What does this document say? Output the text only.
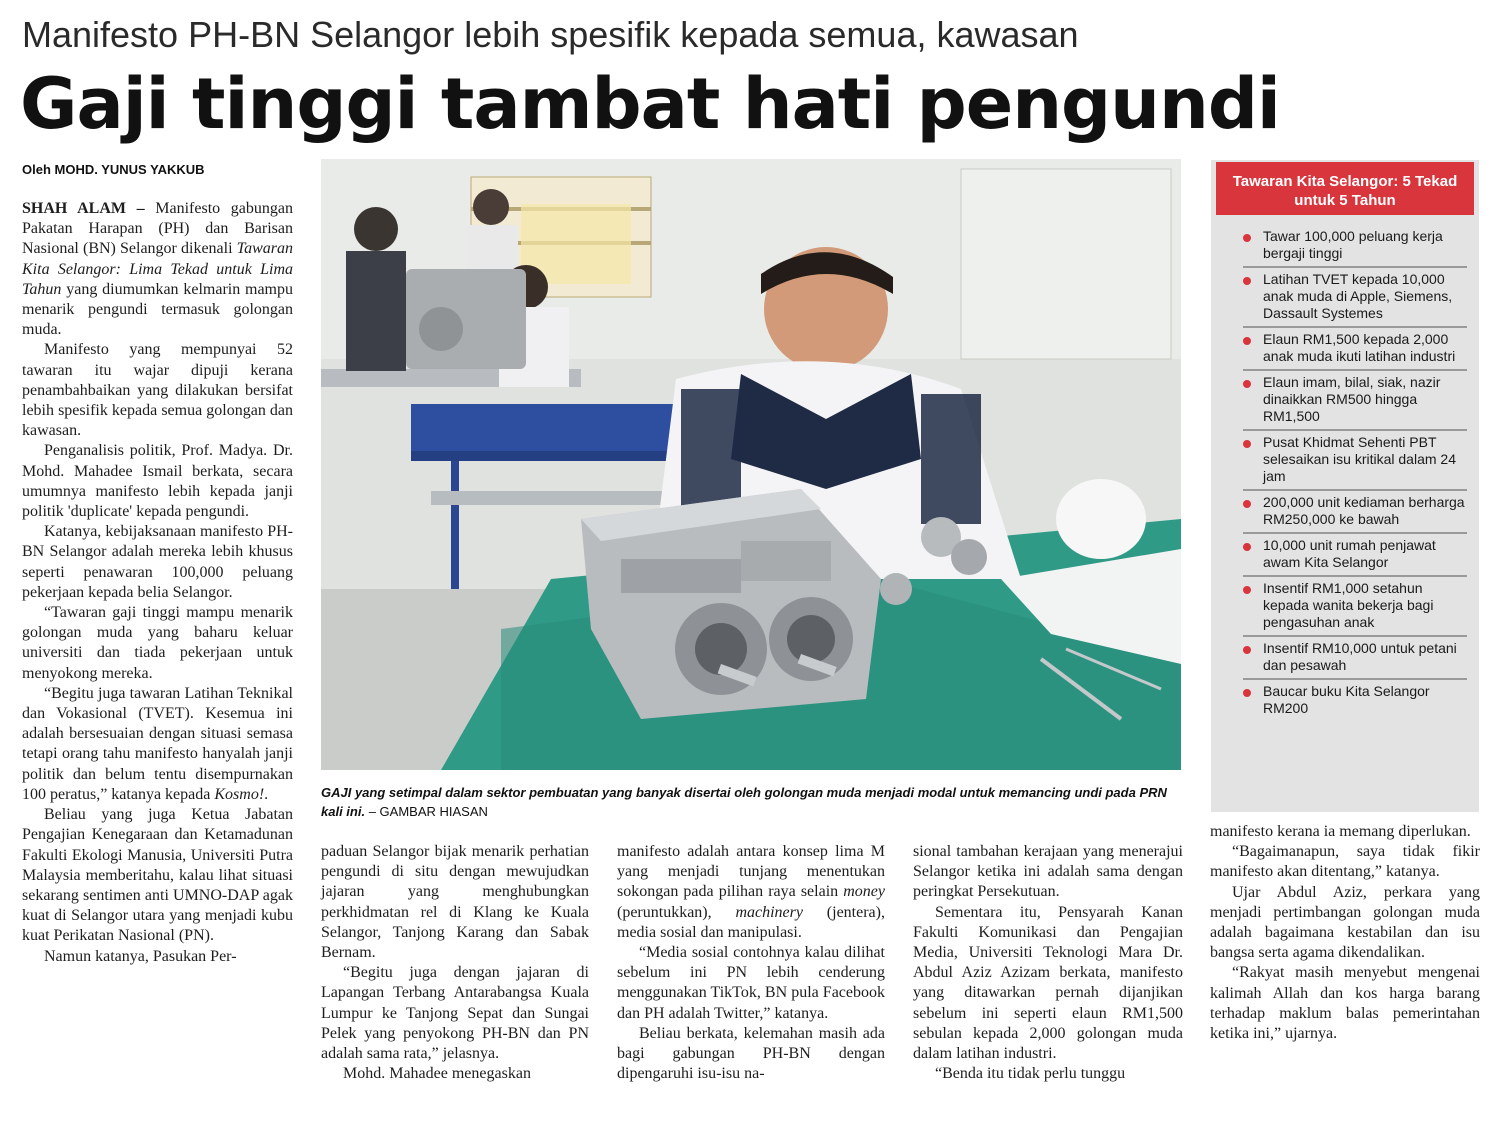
Manifesto PH-BN Selangor lebih spesifik kepada semua, kawasan
Gaji tinggi tambat hati pengundi
Oleh MOHD. YUNUS YAKKUB

SHAH ALAM – Manifesto gabungan Pakatan Harapan (PH) dan Barisan Nasional (BN) Selangor dikenali Tawaran Kita Selangor: Lima Tekad untuk Lima Tahun yang diumumkan kelmarin mampu menarik pengundi termasuk golongan muda.

Manifesto yang mempunyai 52 tawaran itu wajar dipuji kerana penambahbaikan yang dilakukan bersifat lebih spesifik kepada semua golongan dan kawasan.

Penganalisis politik, Prof. Madya. Dr. Mohd. Mahadee Ismail berkata, secara umumnya manifesto lebih kepada janji politik 'duplicate' kepada pengundi.

Katanya, kebijaksanaan manifesto PH-BN Selangor adalah mereka lebih khusus seperti penawaran 100,000 peluang pekerjaan kepada belia Selangor.

“Tawaran gaji tinggi mampu menarik golongan muda yang baharu keluar universiti dan tiada pekerjaan untuk menyokong mereka.

“Begitu juga tawaran Latihan Teknikal dan Vokasional (TVET). Kesemua ini adalah bersesuaian dengan situasi semasa tetapi orang tahu manifesto hanyalah janji politik dan belum tentu disempurnakan 100 peratus,” katanya kepada Kosmo!.

Beliau yang juga Ketua Jabatan Pengajian Kenegaraan dan Ketamadunan Fakulti Ekologi Manusia, Universiti Putra Malaysia memberitahu, kalau lihat situasi sekarang sentimen anti UMNO-DAP agak kuat di Selangor utara yang menjadi kubu kuat Perikatan Nasional (PN).

Namun katanya, Pasukan Per-

GAJI yang setimpal dalam sektor pembuatan yang banyak disertai oleh golongan muda menjadi modal untuk memancing undi pada PRN kali ini. – GAMBAR HIASAN
Tawaran Kita Selangor: 5 Tekad untuk 5 Tahun
Tawar 100,000 peluang kerja bergaji tinggi
Latihan TVET kepada 10,000 anak muda di Apple, Siemens, Dassault Systemes
Elaun RM1,500 kepada 2,000 anak muda ikuti latihan industri
Elaun imam, bilal, siak, nazir dinaikkan RM500 hingga RM1,500
Pusat Khidmat Sehenti PBT selesaikan isu kritikal dalam 24 jam
200,000 unit kediaman berharga RM250,000 ke bawah
10,000 unit rumah penjawat awam Kita Selangor
Insentif RM1,000 setahun kepada wanita bekerja bagi pengasuhan anak
Insentif RM10,000 untuk petani dan pesawah
Baucar buku Kita Selangor RM200

paduan Selangor bijak menarik perhatian pengundi di situ dengan mewujudkan jajaran yang menghubungkan perkhidmatan rel di Klang ke Kuala Selangor, Tanjong Karang dan Sabak Bernam.

“Begitu juga dengan jajaran di Lapangan Terbang Antarabangsa Kuala Lumpur ke Tanjong Sepat dan Sungai Pelek yang penyokong PH-BN dan PN adalah sama rata,” jelasnya.

Mohd. Mahadee menegaskan

manifesto adalah antara konsep lima M yang menjadi tunjang menentukan sokongan pada pilihan raya selain money (peruntukkan), machinery (jentera), media sosial dan manipulasi.

“Media sosial contohnya kalau dilihat sebelum ini PN lebih cenderung menggunakan TikTok, BN pula Facebook dan PH adalah Twitter,” katanya.

Beliau berkata, kelemahan masih ada bagi gabungan PH-BN dengan dipengaruhi isu-isu na-

sional tambahan kerajaan yang menerajui Selangor ketika ini adalah sama dengan peringkat Persekutuan.

Sementara itu, Pensyarah Kanan Fakulti Komunikasi dan Pengajian Media, Universiti Teknologi Mara Dr. Abdul Aziz Azizam berkata, manifesto yang ditawarkan pernah dijanjikan sebelum ini seperti elaun RM1,500 sebulan kepada 2,000 golongan muda dalam latihan industri.

“Benda itu tidak perlu tunggu

manifesto kerana ia memang diperlukan.

“Bagaimanapun, saya tidak fikir manifesto akan ditentang,” katanya.

Ujar Abdul Aziz, perkara yang menjadi pertimbangan golongan muda adalah bagaimana kestabilan dan isu bangsa serta agama dikendalikan.

“Rakyat masih menyebut mengenai kalimah Allah dan kos harga barang terhadap maklum balas pemerintahan ketika ini,” ujarnya.
